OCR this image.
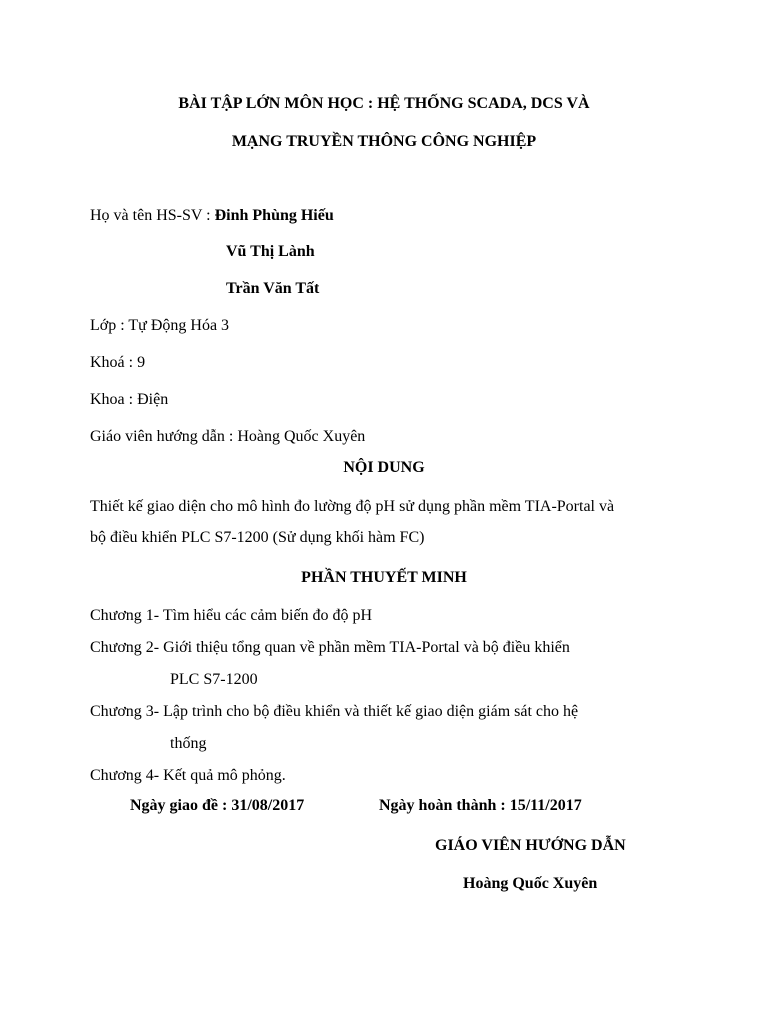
BÀI TẬP LỚN MÔN HỌC : HỆ THỐNG SCADA, DCS VÀ
MẠNG TRUYỀN THÔNG CÔNG NGHIỆP
Họ và tên HS-SV : Đinh Phùng Hiếu
Vũ Thị Lành
Trần Văn Tất
Lớp : Tự Động Hóa 3
Khoá : 9
Khoa : Điện
Giáo viên hướng dẫn : Hoàng Quốc Xuyên
NỘI DUNG
Thiết kế giao diện cho mô hình đo lường độ pH sử dụng phần mềm TIA-Portal và
bộ điều khiển PLC S7-1200 (Sử dụng khối hàm FC)
PHẦN THUYẾT MINH
Chương 1- Tìm hiểu các cảm biến đo độ pH
Chương 2- Giới thiệu tổng quan về phần mềm TIA-Portal và bộ điều khiển
PLC S7-1200
Chương 3- Lập trình cho bộ điều khiển và thiết kế giao diện giám sát cho hệ
thống
Chương 4- Kết quả mô phỏng.
Ngày giao đề : 31/08/2017	Ngày hoàn thành : 15/11/2017
GIÁO VIÊN HƯỚNG DẪN
Hoàng Quốc Xuyên
